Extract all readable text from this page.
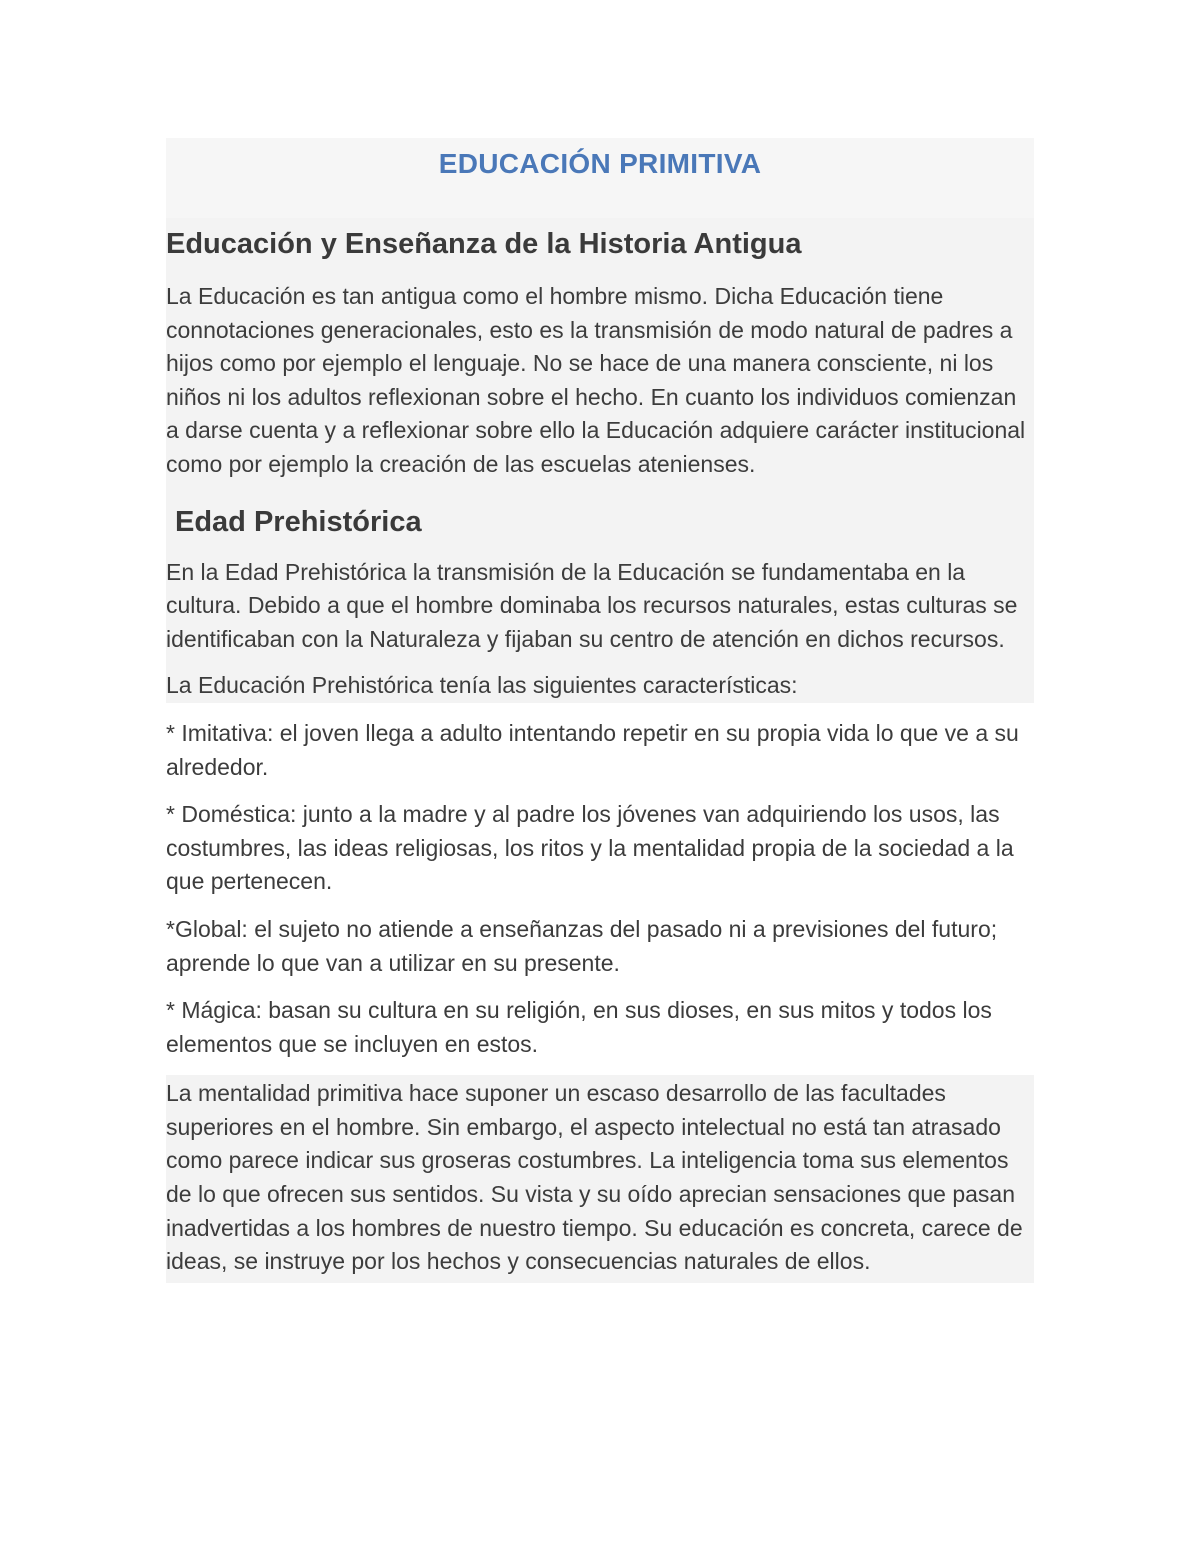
EDUCACIÓN PRIMITIVA
Educación y Enseñanza de la Historia Antigua

La Educación es tan antigua como el hombre mismo. Dicha Educación tiene connotaciones generacionales, esto es la transmisión de modo natural de padres a hijos como por ejemplo el lenguaje. No se hace de una manera consciente, ni los niños ni los adultos reflexionan sobre el hecho. En cuanto los individuos comienzan a darse cuenta y a reflexionar sobre ello la Educación adquiere carácter institucional como por ejemplo la creación de las escuelas atenienses.

Edad Prehistórica

En la Edad Prehistórica la transmisión de la Educación se fundamentaba en la cultura. Debido a que el hombre dominaba los recursos naturales, estas culturas se identificaban con la Naturaleza y fijaban su centro de atención en dichos recursos.

La Educación Prehistórica tenía las siguientes características:

* Imitativa: el joven llega a adulto intentando repetir en su propia vida lo que ve a su alrededor.

* Doméstica: junto a la madre y al padre los jóvenes van adquiriendo los usos, las costumbres, las ideas religiosas, los ritos y la mentalidad propia de la sociedad a la que pertenecen.

*Global: el sujeto no atiende a enseñanzas del pasado ni a previsiones del futuro; aprende lo que van a utilizar en su presente.

* Mágica: basan su cultura en su religión, en sus dioses, en sus mitos y todos los elementos que se incluyen en estos.

La mentalidad primitiva hace suponer un escaso desarrollo de las facultades superiores en el hombre. Sin embargo, el aspecto intelectual no está tan atrasado como parece indicar sus groseras costumbres. La inteligencia toma sus elementos de lo que ofrecen sus sentidos. Su vista y su oído aprecian sensaciones que pasan inadvertidas a los hombres de nuestro tiempo. Su educación es concreta, carece de ideas, se instruye por los hechos y consecuencias naturales de ellos.
